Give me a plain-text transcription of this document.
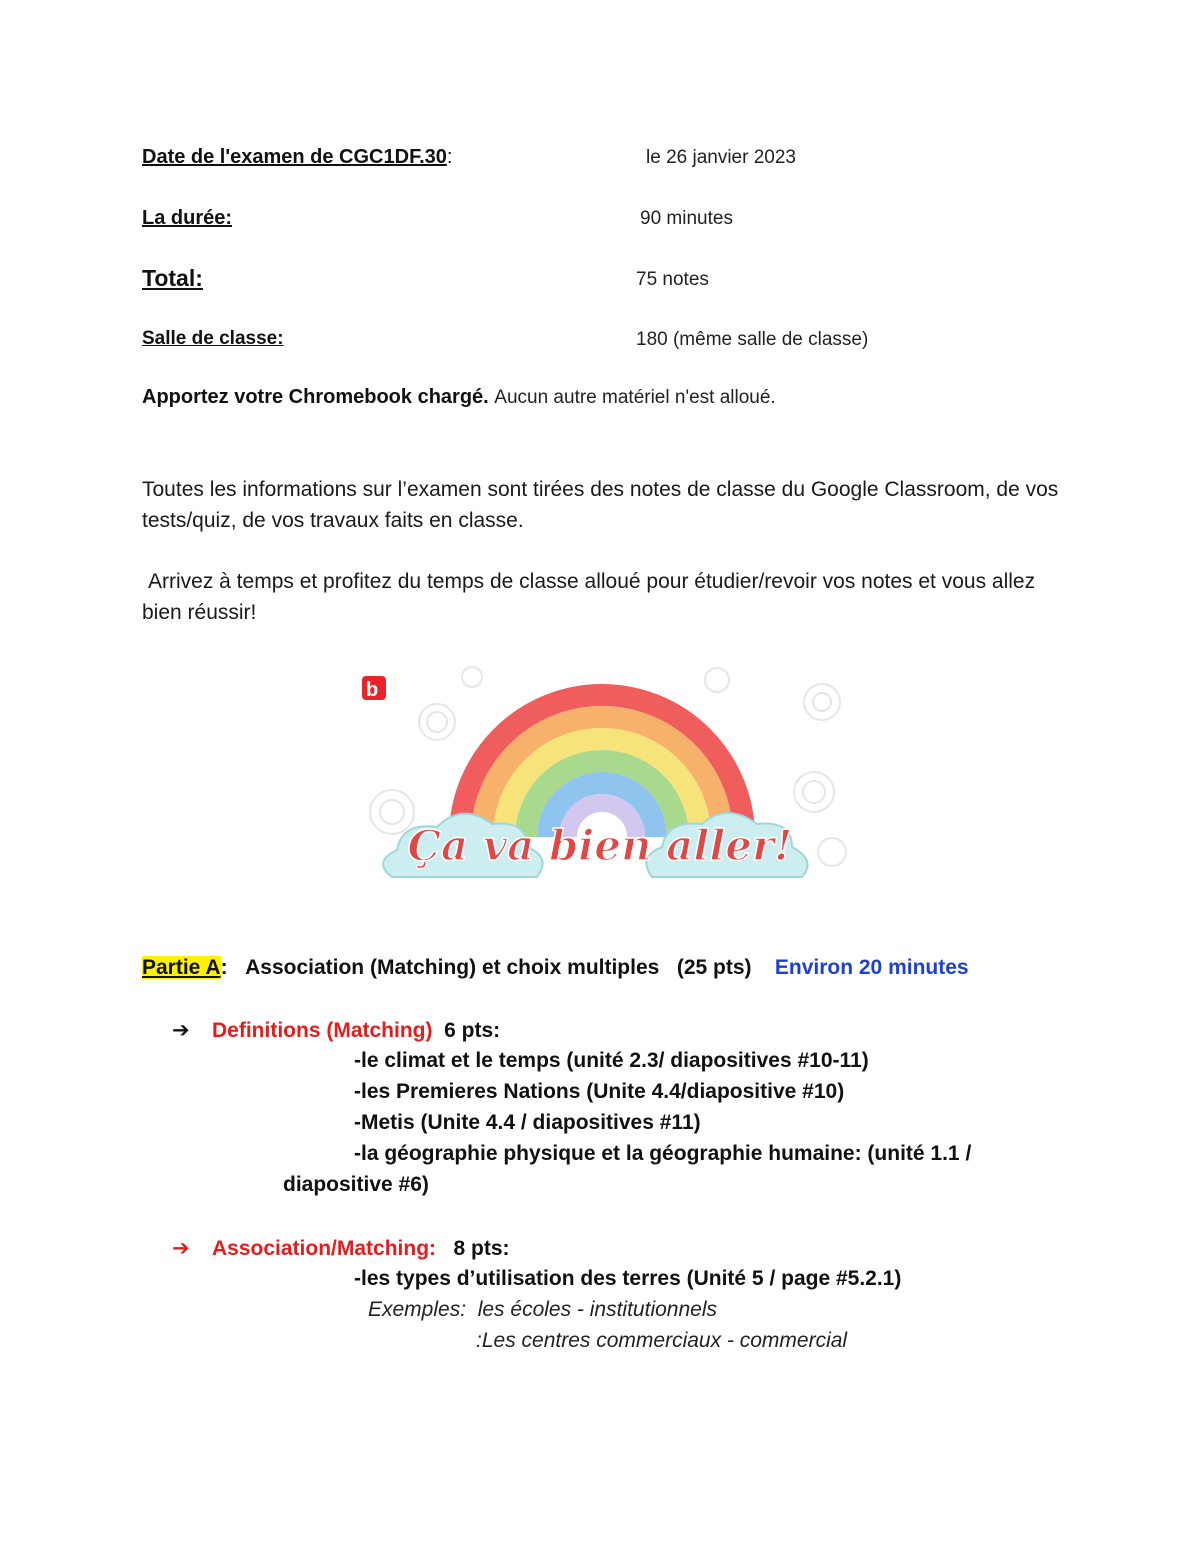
Date de l'examen de CGC1DF.30:	le 26 janvier 2023
La durée:	90 minutes
Total:	75 notes
Salle de classe:	180 (même salle de classe)
Apportez votre Chromebook chargé. Aucun autre matériel n'est alloué.
Toutes les informations sur l’examen sont tirées des notes de classe du Google Classroom, de vos tests/quiz, de vos travaux faits en classe.
Arrivez à temps et profitez du temps de classe alloué pour étudier/revoir vos notes et vous allez bien réussir!
b
Ça va bien aller!
Partie A: Association (Matching) et choix multiples   (25 pts) Environ 20 minutes
➔ Definitions (Matching) 6 pts:
-le climat et le temps (unité 2.3/ diapositives #10-11)
-les Premieres Nations (Unite 4.4/diapositive #10)
-Metis (Unite 4.4 / diapositives #11)
-la géographie physique et la géographie humaine: (unité 1.1 /
diapositive #6)
➔ Association/Matching: 8 pts:
-les types d’utilisation des terres (Unité 5 / page #5.2.1)
Exemples:  les écoles - institutionnels
:Les centres commerciaux - commercial
